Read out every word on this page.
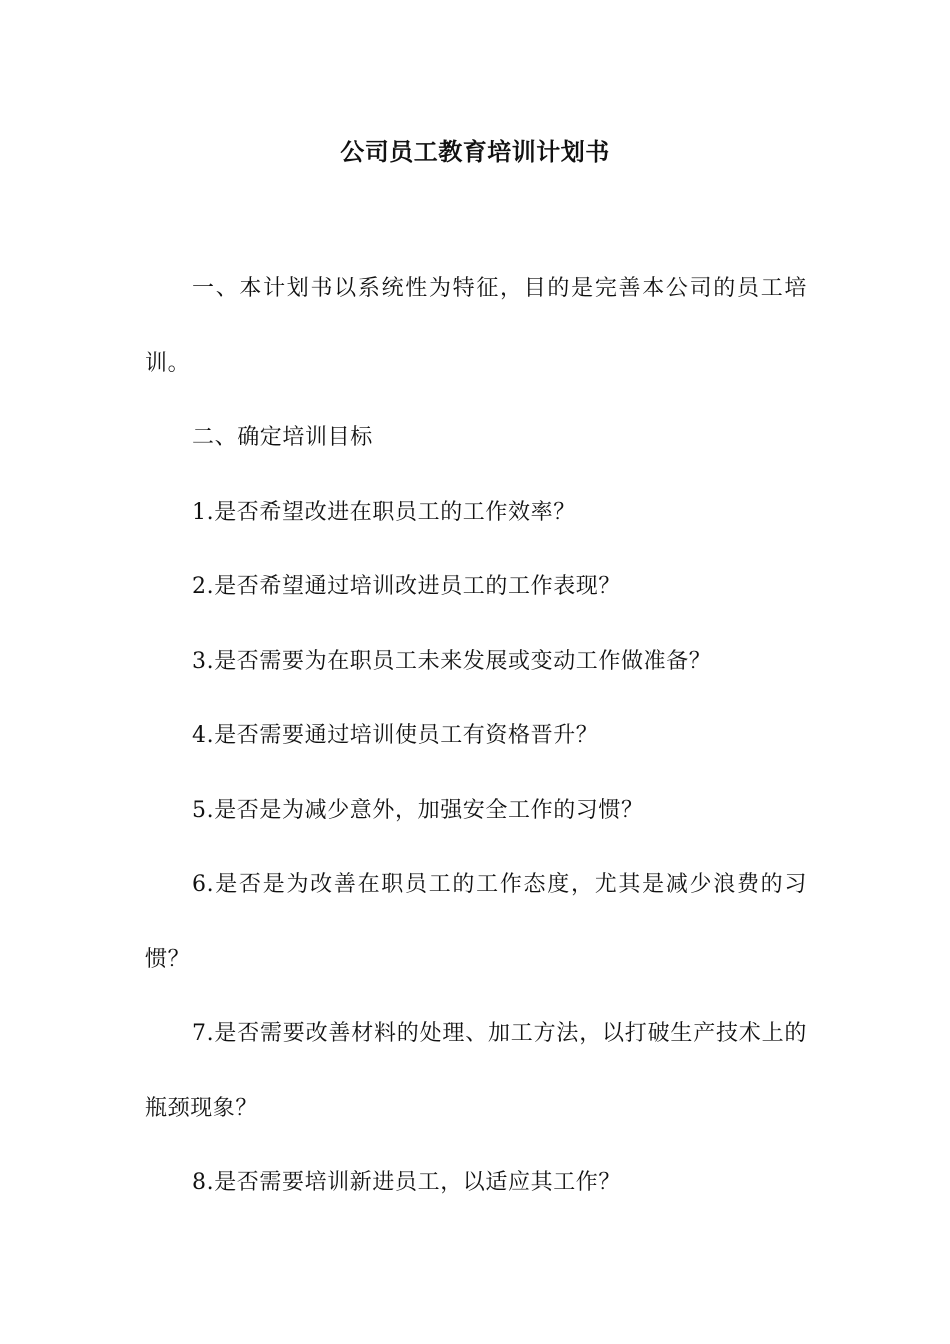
公司员工教育培训计划书

一、本计划书以系统性为特征，目的是完善本公司的员工培训。

二、确定培训目标

1.是否希望改进在职员工的工作效率？

2.是否希望通过培训改进员工的工作表现？

3.是否需要为在职员工未来发展或变动工作做准备？

4.是否需要通过培训使员工有资格晋升？

5.是否是为减少意外，加强安全工作的习惯？

6.是否是为改善在职员工的工作态度，尤其是减少浪费的习惯？

7.是否需要改善材料的处理、加工方法，以打破生产技术上的瓶颈现象？

8.是否需要培训新进员工，以适应其工作？
